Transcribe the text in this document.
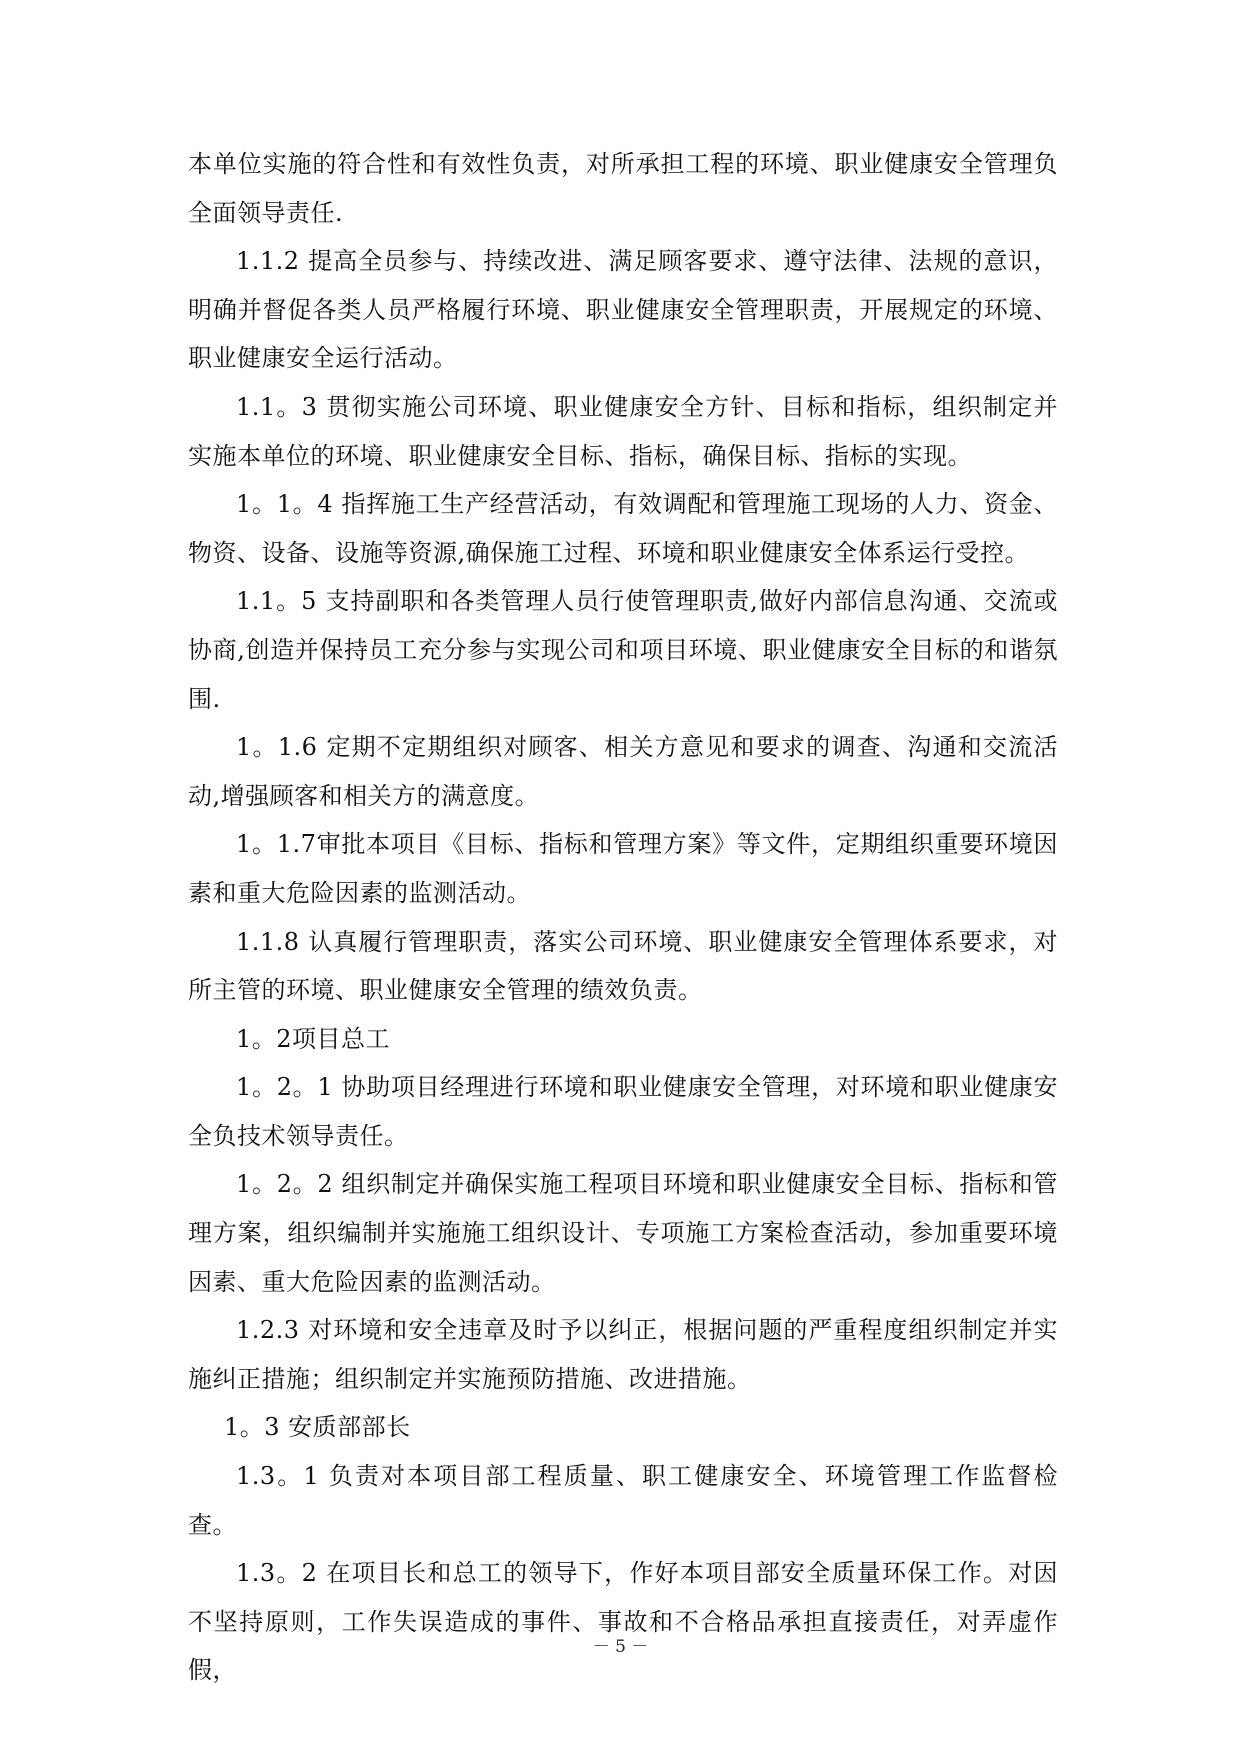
本单位实施的符合性和有效性负责，对所承担工程的环境、职业健康安全管理负全面领导责任.

1.1.2 提高全员参与、持续改进、满足顾客要求、遵守法律、法规的意识，明确并督促各类人员严格履行环境、职业健康安全管理职责，开展规定的环境、职业健康安全运行活动。

1.1。3 贯彻实施公司环境、职业健康安全方针、目标和指标，组织制定并实施本单位的环境、职业健康安全目标、指标，确保目标、指标的实现。

1。1。4 指挥施工生产经营活动，有效调配和管理施工现场的人力、资金、物资、设备、设施等资源,确保施工过程、环境和职业健康安全体系运行受控。

1.1。5 支持副职和各类管理人员行使管理职责,做好内部信息沟通、交流或协商,创造并保持员工充分参与实现公司和项目环境、职业健康安全目标的和谐氛围.

1。1.6 定期不定期组织对顾客、相关方意见和要求的调查、沟通和交流活动,增强顾客和相关方的满意度。

1。1.7审批本项目《目标、指标和管理方案》等文件，定期组织重要环境因素和重大危险因素的监测活动。

1.1.8 认真履行管理职责，落实公司环境、职业健康安全管理体系要求，对所主管的环境、职业健康安全管理的绩效负责。

1。2项目总工

1。2。1 协助项目经理进行环境和职业健康安全管理，对环境和职业健康安全负技术领导责任。

1。2。2 组织制定并确保实施工程项目环境和职业健康安全目标、指标和管理方案，组织编制并实施施工组织设计、专项施工方案检查活动，参加重要环境因素、重大危险因素的监测活动。

1.2.3 对环境和安全违章及时予以纠正，根据问题的严重程度组织制定并实施纠正措施；组织制定并实施预防措施、改进措施。

1。3 安质部部长

1.3。1 负责对本项目部工程质量、职工健康安全、环境管理工作监督检查。

1.3。2 在项目长和总工的领导下，作好本项目部安全质量环保工作。对因不坚持原则，工作失误造成的事件、事故和不合格品承担直接责任，对弄虚作假，

－ 5 －
